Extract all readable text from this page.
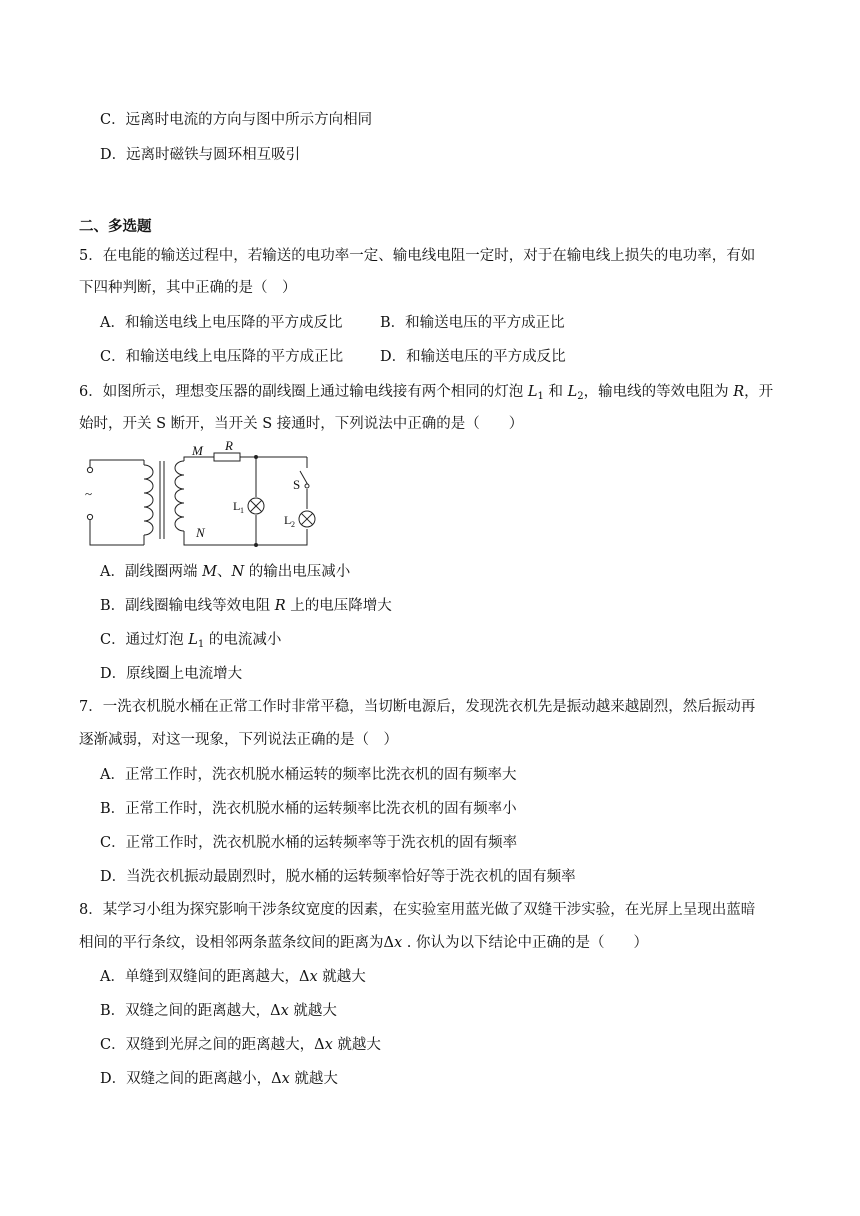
C．远离时电流的方向与图中所示方向相同
D．远离时磁铁与圆环相互吸引
二、多选题
5．在电能的输送过程中，若输送的电功率一定、输电线电阻一定时，对于在输电线上损失的电功率，有如
下四种判断，其中正确的是（　）
A．和输送电线上电压降的平方成反比	B．和输送电压的平方成正比
C．和输送电线上电压降的平方成正比	D．和输送电压的平方成反比
6．如图所示，理想变压器的副线圈上通过输电线接有两个相同的灯泡 $L_1$ 和 $L_2$，输电线的等效电阻为 R，开
始时，开关 S 断开，当开关 S 接通时，下列说法中正确的是（　　）
M R
N
S
~
L 1
L 2
A．副线圈两端 M、N 的输出电压减小
B．副线圈输电线等效电阻 R 上的电压降增大
C．通过灯泡 $L_1$ 的电流减小
D．原线圈上电流增大
7．一洗衣机脱水桶在正常工作时非常平稳，当切断电源后，发现洗衣机先是振动越来越剧烈，然后振动再
逐渐减弱，对这一现象，下列说法正确的是（　）
A．正常工作时，洗衣机脱水桶运转的频率比洗衣机的固有频率大
B．正常工作时，洗衣机脱水桶的运转频率比洗衣机的固有频率小
C．正常工作时，洗衣机脱水桶的运转频率等于洗衣机的固有频率
D．当洗衣机振动最剧烈时，脱水桶的运转频率恰好等于洗衣机的固有频率
8．某学习小组为探究影响干涉条纹宽度的因素，在实验室用蓝光做了双缝干涉实验，在光屏上呈现出蓝暗
相间的平行条纹，设相邻两条蓝条纹间的距离为Δx . 你认为以下结论中正确的是（　　）
A．单缝到双缝间的距离越大，Δx 就越大
B．双缝之间的距离越大，Δx 就越大
C．双缝到光屏之间的距离越大，Δx 就越大
D．双缝之间的距离越小，Δx 就越大
